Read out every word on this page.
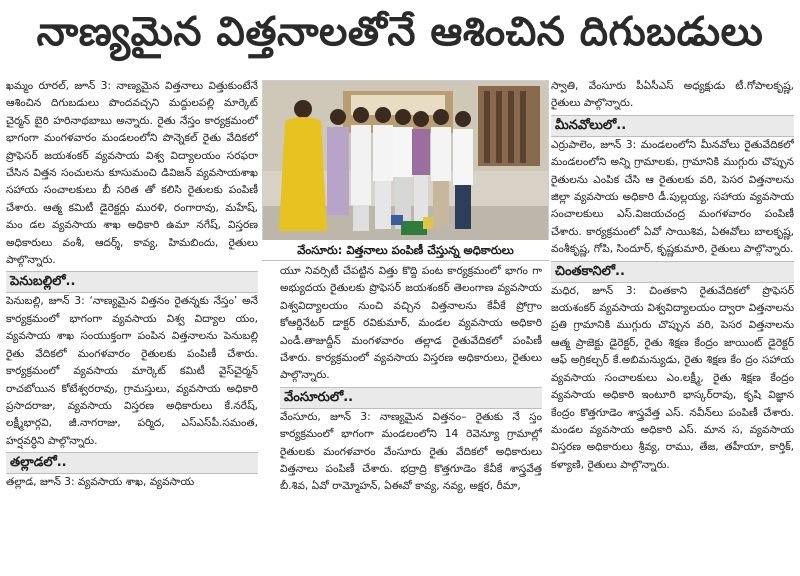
నాణ్యమైన విత్తనాలతోనే ఆశించిన దిగుబడులు

ఖమ్మం రూరల్‌, జూన్‌ 3: నాణ్యమైన విత్తనాలు విత్తుకుంటేనే ఆశించిన దిగుబడులు పొందవచ్చని మద్దులపల్లి మార్కెట్‌ చైర్మన్‌ బైరి హరినాథబాబు అన్నారు. రైతు నేస్తం కార్యక్రమంలో భాగంగా మంగళవారం మండలంలోని పొన్నెకల్‌ రైతు వేదికలో ప్రొఫెసర్‌ జయశంకర్‌ వ్యవసాయ విశ్వ విద్యాలయం సరఫరా చేసిన విత్తన సంచులను కూసుమంచి డివిజన్‌ వ్యవసాయశాఖ సహాయ సంచాలకులు బీ సరిత తో కలిసి రైతులకు పంపిణీ చేశారు. ఆత్మ కమిటీ డైరెక్టర్లు మురళి, రంగారావు, మహేష్‌, మం డల వ్యవసాయ శాఖ అధికారి ఉమా నగేష్‌, విస్తరణ అధికారులు వంశీ, ఆదర్శ్‌, కావ్య, హిమబిందు, రైతులు పాల్గొన్నారు.

పెనుబల్లిలో..

పెనుబల్లి, జూన్‌ 3: ‘నాణ్యమైన విత్తనం రైతన్నకు నేస్తం’ అనే కార్యక్రమంలో భాగంగా వ్యవసాయ విశ్వ విద్యాల యం, వ్యవసాయ శాఖ సంయుక్తంగా పంపిన విత్తనాలను పెనుబల్లి రైతు వేదికలో మంగళవారం రైతులకు పంపిణీ చేశారు. కార్యక్రమంలో వ్యవసాయ మార్కెట్‌ కమిటీ వైస్‌చైర్మన్‌ రాచబోయిన కోటేశ్వరరావు, గ్రామస్తులు, వ్యవసాయ అధికారి ప్రసాదరాజు, వ్యవసాయ విస్తరణ అధికారులు కే.నరేష్‌, లక్ష్మీభార్గవి, జీ.నాగరాజు, పర్మిద, ఎస్‌ఎస్‌పీ.సమంత, హర్షవర్ధిని పాల్గొన్నారు.

తల్లాడలో..

తల్లాడ, జూన్‌ 3: వ్యవసాయ శాఖ, వ్యవసాయ

వేంసూరు: విత్తనాలు పంపిణీ చేస్తున్న అధికారులు

యూ నివర్సిటీ చేపట్టిన విత్తు కొద్ది పంట కార్యక్రమంలో భాగం గా అభ్యుదయ రైతులకు ప్రొఫెసర్‌ జయశంకర్‌ తెలంగాణ వ్యవసాయ విశ్వవిద్యాలయం నుంచి వచ్చిన విత్తనాలను కేవీకే ప్రోగ్రాం కోఆర్డినేటర్‌ డాక్టర్‌ రవికుమార్‌, మండల వ్యవసాయ అధికారి ఎండీ.తాజుద్దీన్‌ మంగళవారం తల్లాడ రైతువేదికలో పంపిణీ చేశారు. కార్యక్రమంలో వ్యవసాయ విస్తరణ అధికారులు, రైతులు పాల్గొన్నారు.

వేంసూరులో..

వేంసూరు, జూన్‌ 3: నాణ్యమైన విత్తనం– రైతుకు నే స్తం కార్యక్రమంలో భాగంగా మండలంలోని 14 రెవెన్యూ గ్రామాల్లో రైతులకు మంగళవారం వేంసూరు రైతు వేదికలో అధికారులు విత్తనాలు పంపిణీ చేశారు. భద్రాద్రి కొత్తగూడెం కేవీకే శాస్త్రవేత్త బీ.శివ, ఏవో రామ్మోహన్‌, ఏఈవో కావ్య, నవ్య, అక్షర, రీమా,

స్వాతి, వేంసూరు పీఏసీఎస్‌ అధ్యక్షుడు టీ.గోపాలకృష్ణ, రైతులు పాల్గొన్నారు.

మీనవోలులో..

ఎర్రుపాలెం, జూన్‌ 3: మండలంలోని మీనవోలు రైతువేదికలో మండలంలోని అన్ని గ్రామాలకు, గ్రామానికి ముగ్గురు చొప్పున రైతులను ఎంపిక చేసి ఆ రైతులకు వరి, పెసర విత్తనాలను జిల్లా వ్యవసాయ అధికారి డీ.పుల్లయ్య, సహాయ వ్యవసాయ సంచాలకులు ఎస్‌.విజయచంద్ర మంగళవారం పంపిణీ చేశారు. కార్యక్రమంలో ఏవో సాయిశివ, ఏఈవోలు బాలకృష్ణ, వంశీకృష్ణ, గోపి, సిందూర్‌, కృష్ణకుమారి, రైతులు పాల్గొన్నారు.

చింతకానిలో..

మధిర, జూన్‌ 3: చింతకాని రైతువేదికలో ప్రొఫెసర్‌ జయశంకర్‌ వ్యవసాయ విశ్వవిద్యాలయం ద్వారా విత్తనాలను ప్రతి గ్రామానికి ముగ్గురు చొప్పున వరి, పెసర విత్తనాలను ఆత్మ ప్రాజెక్టు డైరెక్టర్‌, రైతు శిక్షణ కేంద్రం జాయింట్‌ డైరెక్టర్‌ ఆఫ్‌ అగ్రికల్చర్‌ కే.అబిమన్యుడు, రైతు శిక్షణ కేం ద్రం సహాయ వ్యవసాయ సంచాలకులు ఎం.లక్ష్మీ, రైతు శిక్షణ కేంద్రం వ్యవసాయ అధికారి ఇంటూరి భాస్కర్‌రావు, కృషి విజ్ఞాన కేంద్రం కొత్తగూడెం శాస్త్రవేత్త ఎస్‌. నవీన్‌లు పంపిణీ చేశారు. మండల వ్యవసాయ అధికారి ఎస్‌. మాన స, వ్యవసాయ విస్తరణ అధికారులు శ్రీవ్య, రాము, తేజ, తహీయా, కార్తిక్‌, కళ్యాణి, రైతులు పాల్గొన్నారు.
